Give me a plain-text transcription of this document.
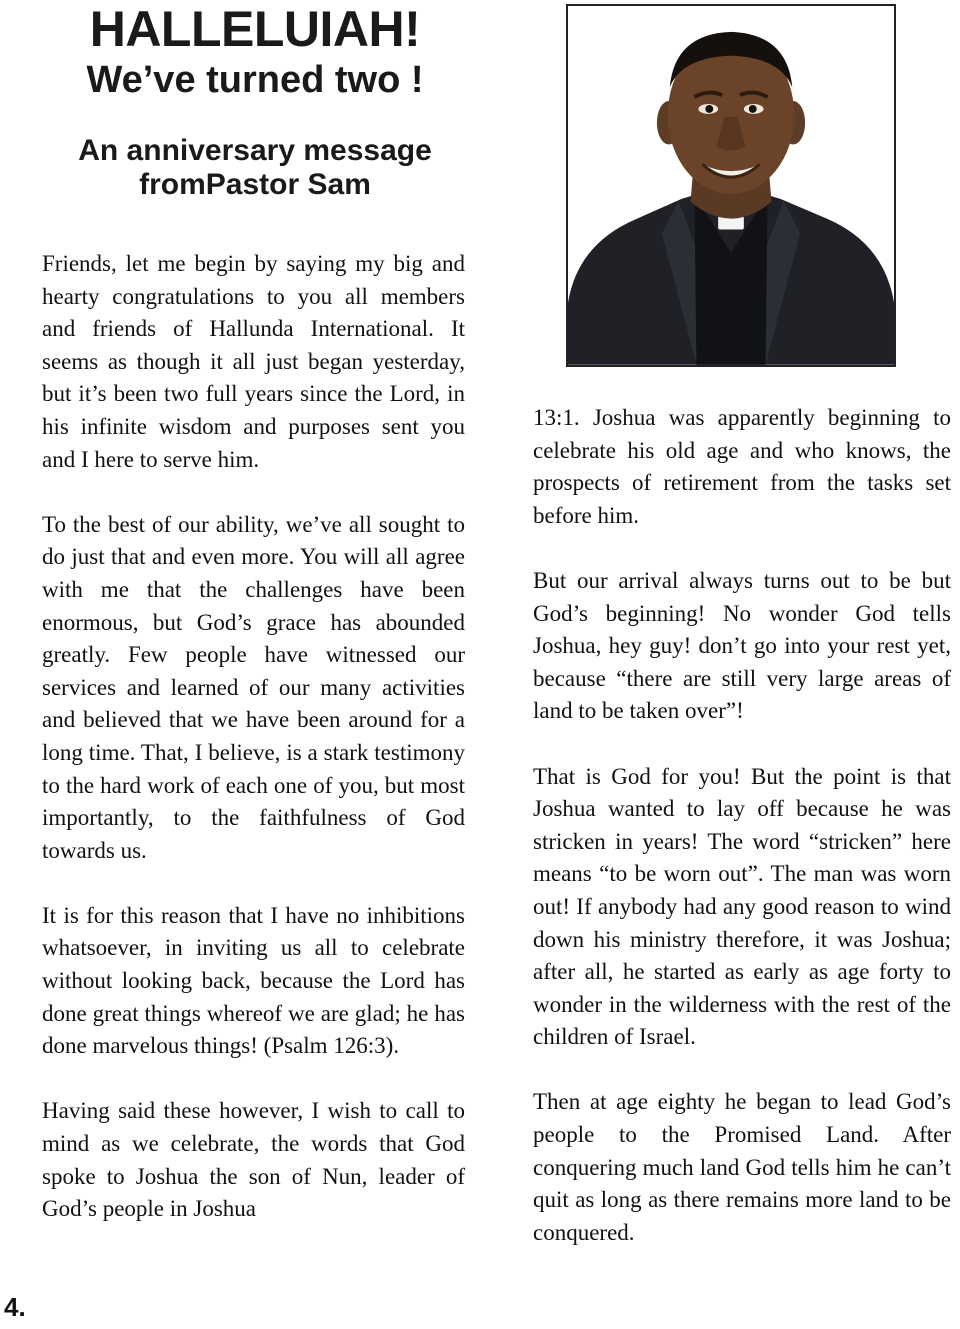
HALLELUIAH!
We’ve turned two !
An anniversary message
fromPastor Sam

Friends, let me begin by saying my big and hearty congratulations to you all members and friends of Hallunda International. It seems as though it all just began yesterday, but it’s been two full years since the Lord, in his infinite wisdom and purposes sent you and I here to serve him.

To the best of our ability, we’ve all sought to do just that and even more. You will all agree with me that the challenges have been enormous, but God’s grace has abounded greatly. Few people have witnessed our services and learned of our many activities and believed that we have been around for a long time. That, I believe, is a stark testimony to the hard work of each one of you, but most importantly, to the faithfulness of God towards us.

It is for this reason that I have no inhibitions whatsoever, in inviting us all to celebrate without looking back, because the Lord has done great things whereof we are glad; he has done marvelous things! (Psalm 126:3).

Having said these however, I wish to call to mind as we celebrate, the words that God spoke to Joshua the son of Nun, leader of God’s people in Joshua

13:1. Joshua was apparently beginning to celebrate his old age and who knows, the prospects of retirement from the tasks set before him.

But our arrival always turns out to be but God’s beginning! No wonder God tells Joshua, hey guy! don’t go into your rest yet, because “there are still very large areas of land to be taken over”!

That is God for you! But the point is that Joshua wanted to lay off because he was stricken in years! The word “stricken” here means “to be worn out”. The man was worn out! If anybody had any good reason to wind down his ministry therefore, it was Joshua; after all, he started as early as age forty to wonder in the wilderness with the rest of the children of Israel.

Then at age eighty he began to lead God’s people to the Promised Land. After conquering much land God tells him he can’t quit as long as there remains more land to be conquered.

4.
